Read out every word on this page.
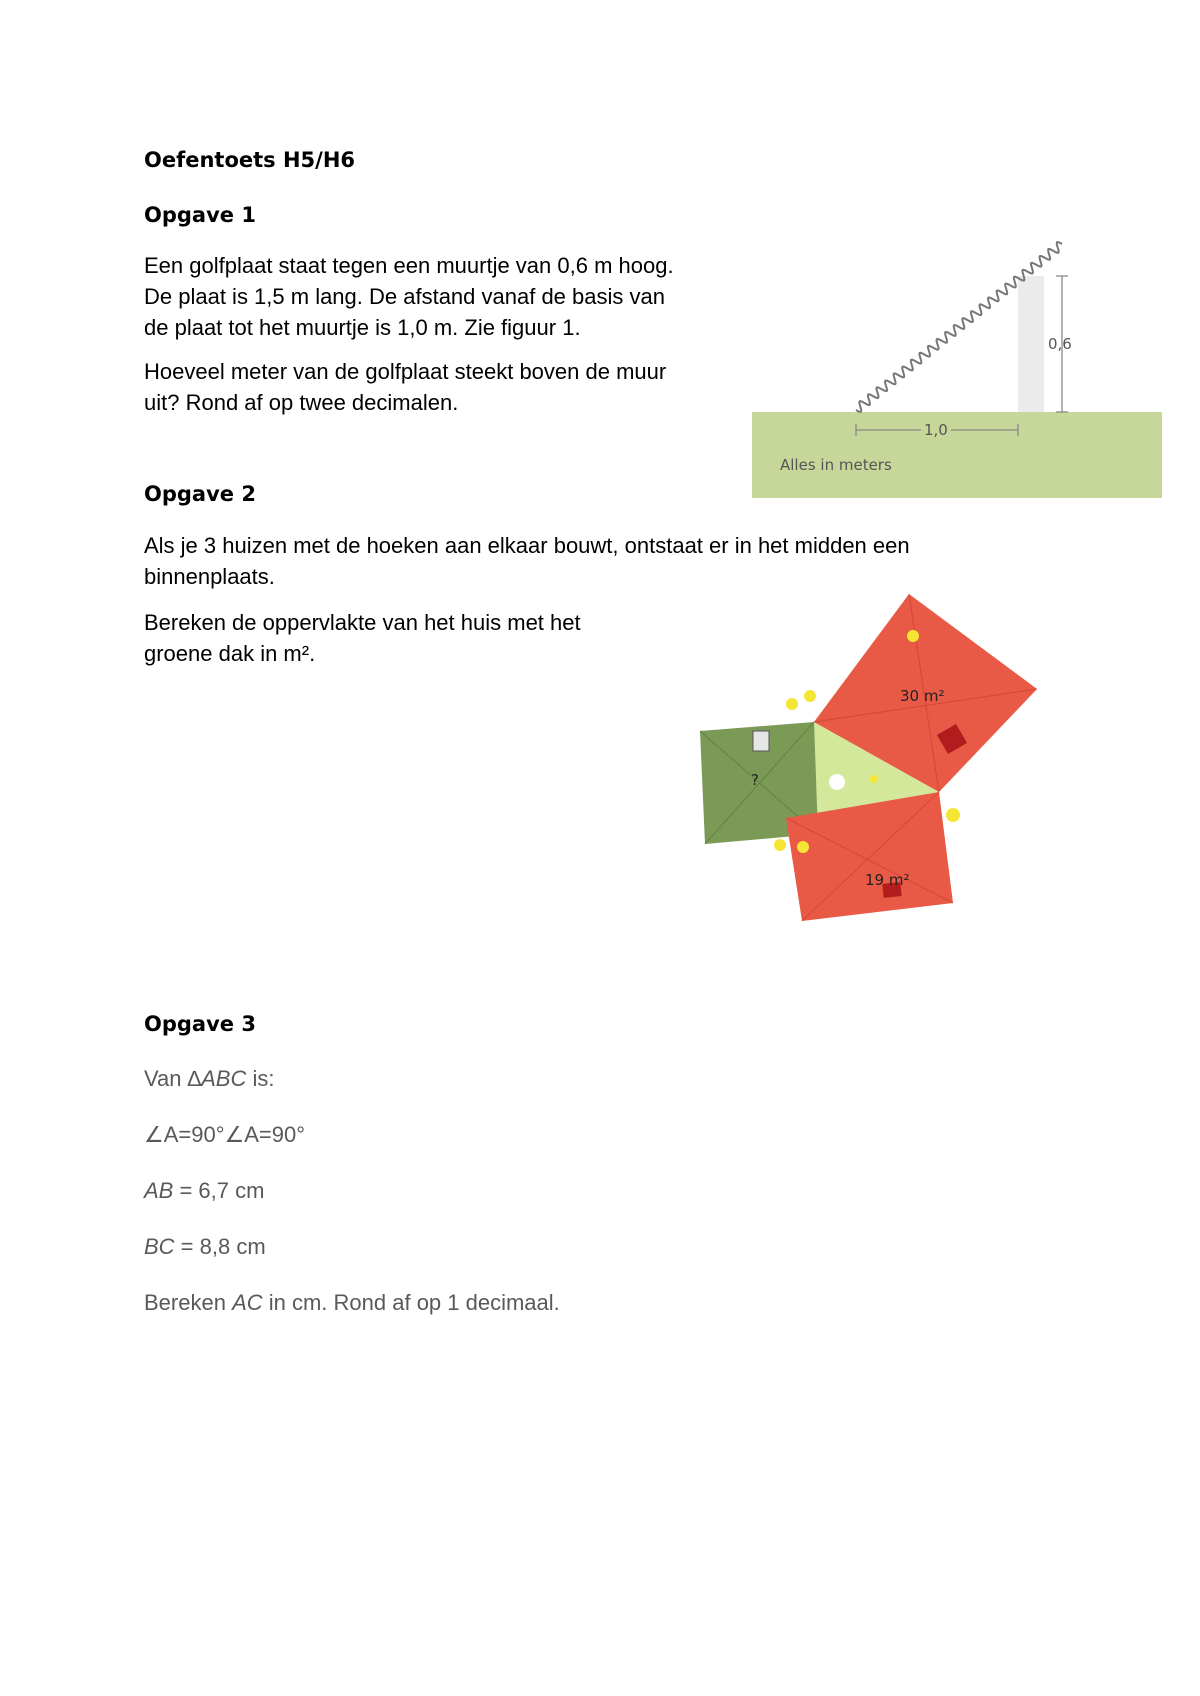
Oefentoets H5/H6
Opgave 1
Een golfplaat staat tegen een muurtje van 0,6 m hoog.
De plaat is 1,5 m lang. De afstand vanaf de basis van
de plaat tot het muurtje is 1,0 m. Zie figuur 1.
Hoeveel meter van de golfplaat steekt boven de muur
uit? Rond af op twee decimalen.
0,6
1,0
Alles in meters
Opgave 2
Als je 3 huizen met de hoeken aan elkaar bouwt, ontstaat er in het midden een
binnenplaats.
Bereken de oppervlakte van het huis met het
groene dak in m².
30 m²
?
19 m²
Opgave 3
Van ∆ABC is:
∠A=90°∠A=90°
AB = 6,7 cm
BC = 8,8 cm
Bereken AC in cm. Rond af op 1 decimaal.
